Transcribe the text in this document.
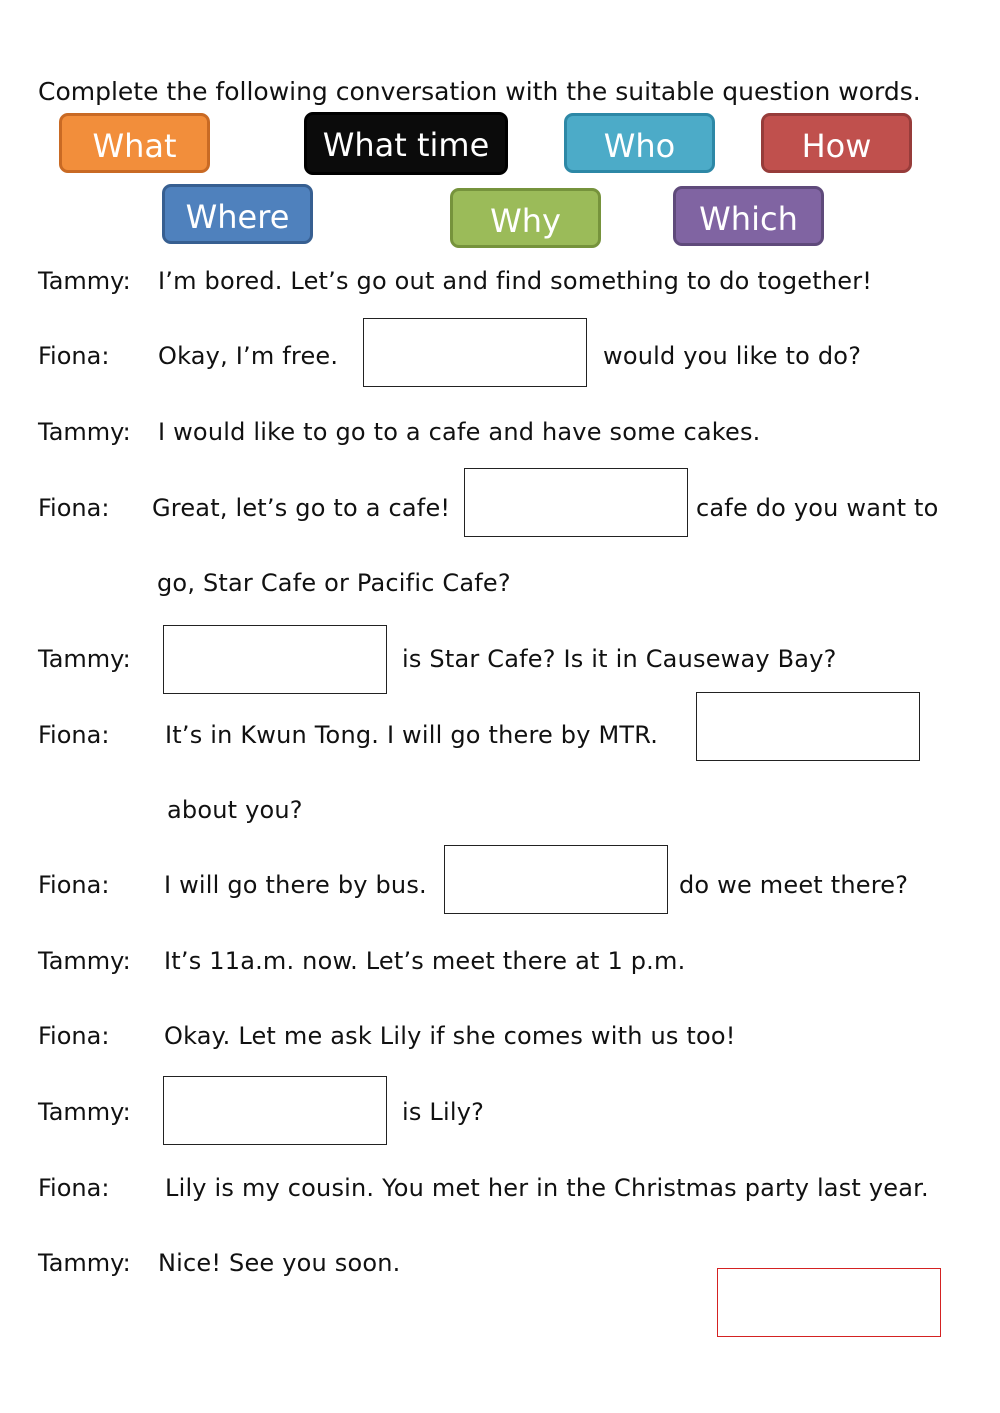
Complete the following conversation with the suitable question words.
What	What time	Who	How
Where	Why	Which
Tammy: I’m bored. Let’s go out and find something to do together!
Fiona: Okay, I’m free.	would you like to do?
Tammy: I would like to go to a cafe and have some cakes.
Fiona: Great, let’s go to a cafe!	cafe do you want to
go, Star Cafe or Pacific Cafe?
Tammy:	is Star Cafe? Is it in Causeway Bay?
Fiona: It’s in Kwun Tong. I will go there by MTR.
about you?
Fiona: I will go there by bus.	do we meet there?
Tammy: It’s 11a.m. now. Let’s meet there at 1 p.m.
Fiona: Okay. Let me ask Lily if she comes with us too!
Tammy:	is Lily?
Fiona: Lily is my cousin. You met her in the Christmas party last year.
Tammy: Nice! See you soon.
